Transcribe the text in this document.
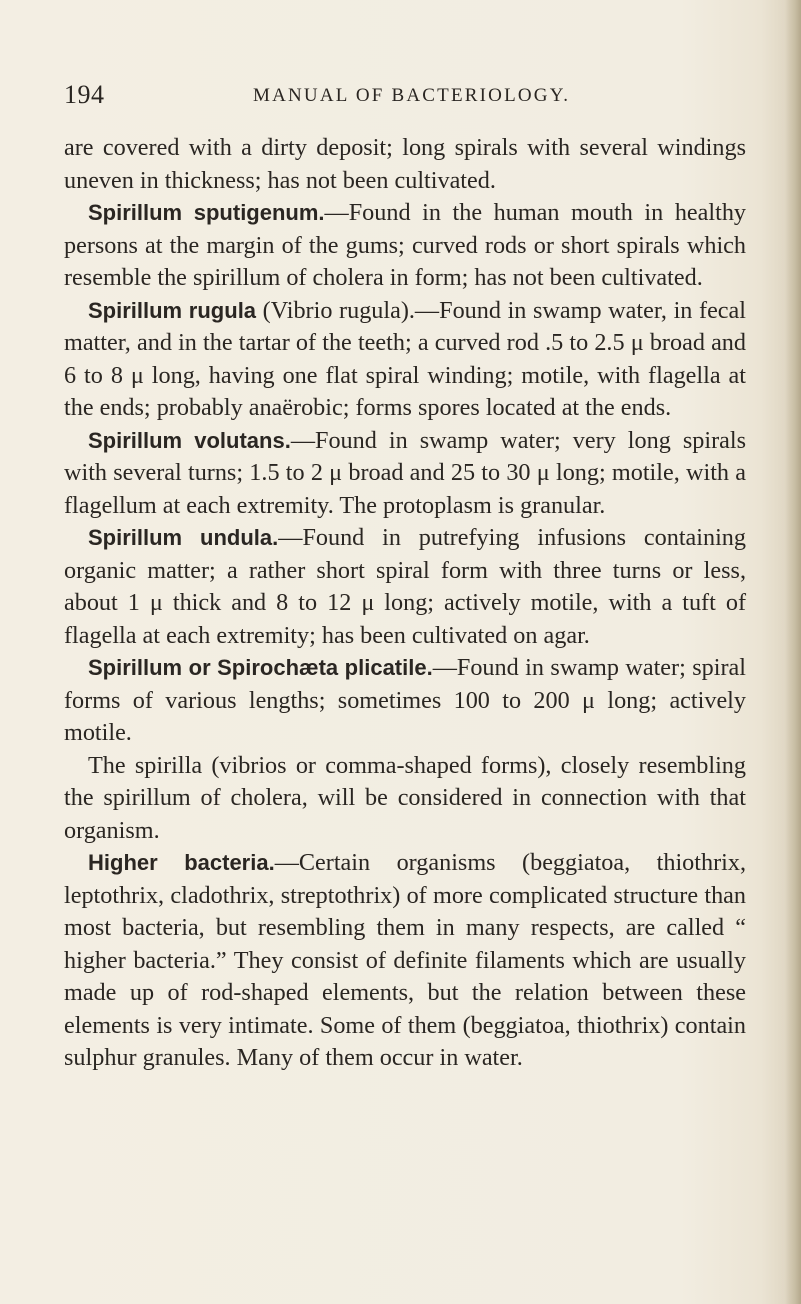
194	MANUAL OF BACTERIOLOGY.

are covered with a dirty deposit; long spirals with several windings uneven in thickness; has not been cultivated.

Spirillum sputigenum.—Found in the human mouth in healthy persons at the margin of the gums; curved rods or short spirals which resemble the spirillum of cholera in form; has not been cultivated.

Spirillum rugula (Vibrio rugula).—Found in swamp water, in fecal matter, and in the tartar of the teeth; a curved rod .5 to 2.5 μ broad and 6 to 8 μ long, having one flat spiral winding; motile, with flagella at the ends; probably anaërobic; forms spores located at the ends.

Spirillum volutans.—Found in swamp water; very long spirals with several turns; 1.5 to 2 μ broad and 25 to 30 μ long; motile, with a flagellum at each extremity. The protoplasm is granular.

Spirillum undula.—Found in putrefying infusions containing organic matter; a rather short spiral form with three turns or less, about 1 μ thick and 8 to 12 μ long; actively motile, with a tuft of flagella at each extremity; has been cultivated on agar.

Spirillum or Spirochæta plicatile.—Found in swamp water; spiral forms of various lengths; sometimes 100 to 200 μ long; actively motile.

The spirilla (vibrios or comma-shaped forms), closely resembling the spirillum of cholera, will be considered in connection with that organism.

Higher bacteria.—Certain organisms (beggiatoa, thiothrix, leptothrix, cladothrix, streptothrix) of more complicated structure than most bacteria, but resembling them in many respects, are called “ higher bacteria.” They consist of definite filaments which are usually made up of rod-shaped elements, but the relation between these elements is very intimate. Some of them (beggiatoa, thiothrix) contain sulphur granules. Many of them occur in water.
